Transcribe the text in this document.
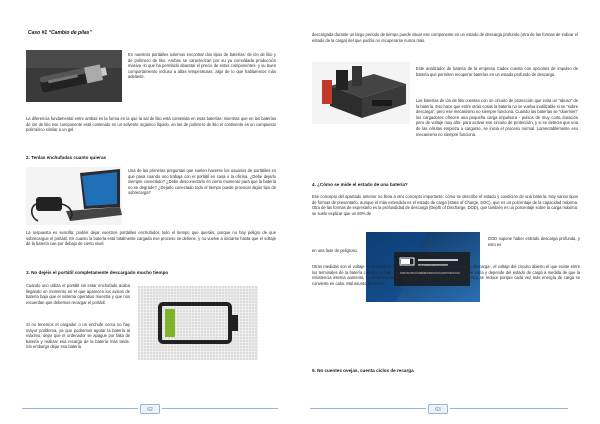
Caso #1 “Cambio de pilas”
En nuestros portátiles solemos encontrar dos tipos de baterías: de ión de litio y de polímero de litio. Ambas se caracterizan por su ya comoldada producción masiva -lo que ha permitido abaratar el precio de estos componentes- y su buen comportamiento incluso a altas temperaturas, algo de lo que hablaremos más adelante.
La diferencia fundamental entre ambas es la forma en la que la sal de litio está contenida en esas baterías: mientras que en las baterías de ión de litio ese componente está contenido en un solvente orgánico líquido, en las de polímero de litio el continente es un compuesto polimérico similar a un gel.
2. Tenlas enchufadas cuanto quieras
Una de las primeras preguntas que suelen hacerse los usuarios de portátiles es qué pasa cuando uno trabaja con el portátil en casa o la oficina. ¿Debe dejarlo siempre conectado? ¿Debe desconectarlo en cierto momento para que la batería no se degrade? ¿Dejarlo conectado todo el tiempo puede provocar algún tipo de sobrecarga?
La respuesta es sencilla: podéis dejar vuestros portátiles enchufados todo el tiempo que queráis, porque no hay peligro de que sobrecargue el portátil. En cuanto la batería está totalmente cargada ese proceso se detiene, y no vuelve a iniciarse hasta que el voltaje de la batería cae por debajo de cierto nivel.
3. No dejéis el portátil completamente descargado mucho tiempo
Cuando uno utiliza el portátil sin estar enchufado acaba llegando un momento en el que aparecen los avisos de batería baja que el sistema operativo muestra y que nos recuerdan que debemos recargar el portátil.
Si no tenemos el cargador o un enchufe cerca no hay mayor problema, ya que podremos agotar la batería al máximo, dejar que el ordenador se apague por falta de batería y realizar esa recarga de la batería más tarde. Sin embargo dejar esa batería
62
descargada durante un largo periodo de tiempo puede situar ese componente en un estado de descarga profundo (otra de las formas de indicar el estado de la carga) del que podría no recuperarse nunca más.
Este analizador de batería de la empresa Cadex cuenta con opciones de impulso de batería que permiten recuperar baterías en un estado profundo de descarga.
Las baterías de ión de litio cuentan con un circuito de protección que evita un "abuso" de la batería. Eso hace que entre otras cosas la batería no se vuelva inutilizable si se "sobre descarga", pero ese mecanismo no siempre funciona. Cuando las baterías se "duermen" los cargadores ofrecen una pequeña carga impulsora - pulsos de muy corta duración pero de voltaje muy alto- para activar ese circuito de protección, y si se detecta que una de las células empieza a cargarse, se inicia el proceso normal. Lamentablemente eso mecanismo no siempre funciona.
4. ¿Cómo se mide el estado de una batería?
Ese concepto del apartado anterior no lleva a otro concepto importante: cómo se describe el estado y condición de una batería. Hay varios tipos de formas de presentarlo, aunque el más extendido es el estado de carga (State of Charge, SOC), que es un porcentaje de la capacidad máxima. Otra de las formas de expresarlo es la profundidad de descarga (Depth of Discharge, DOD), que también es un porcentaje sobre la carga máxima: se suele explicar que un 80% de
DOD supone haber entrado descarga profunda, y esto es
en una fase de peligroso.
Otras medidas son el voltaje de la terminal -varía con el SOC y la corriente de carga y descarga-, el voltaje del circuito abierto el que existe entre los terminales de la batería cuando no hay carga aplicada- y la resistencia interna, que varía y depende del estado de carga a medida de que la resistencia interna aumenta, la eficiencia de la batería se reduce y la estabilidad térmica se reduce porque cada vez más energía de carga se convierte en calor. Mal asunto de nuevo.
5. No cuentes ovejas, cuenta ciclos de recarga
63
